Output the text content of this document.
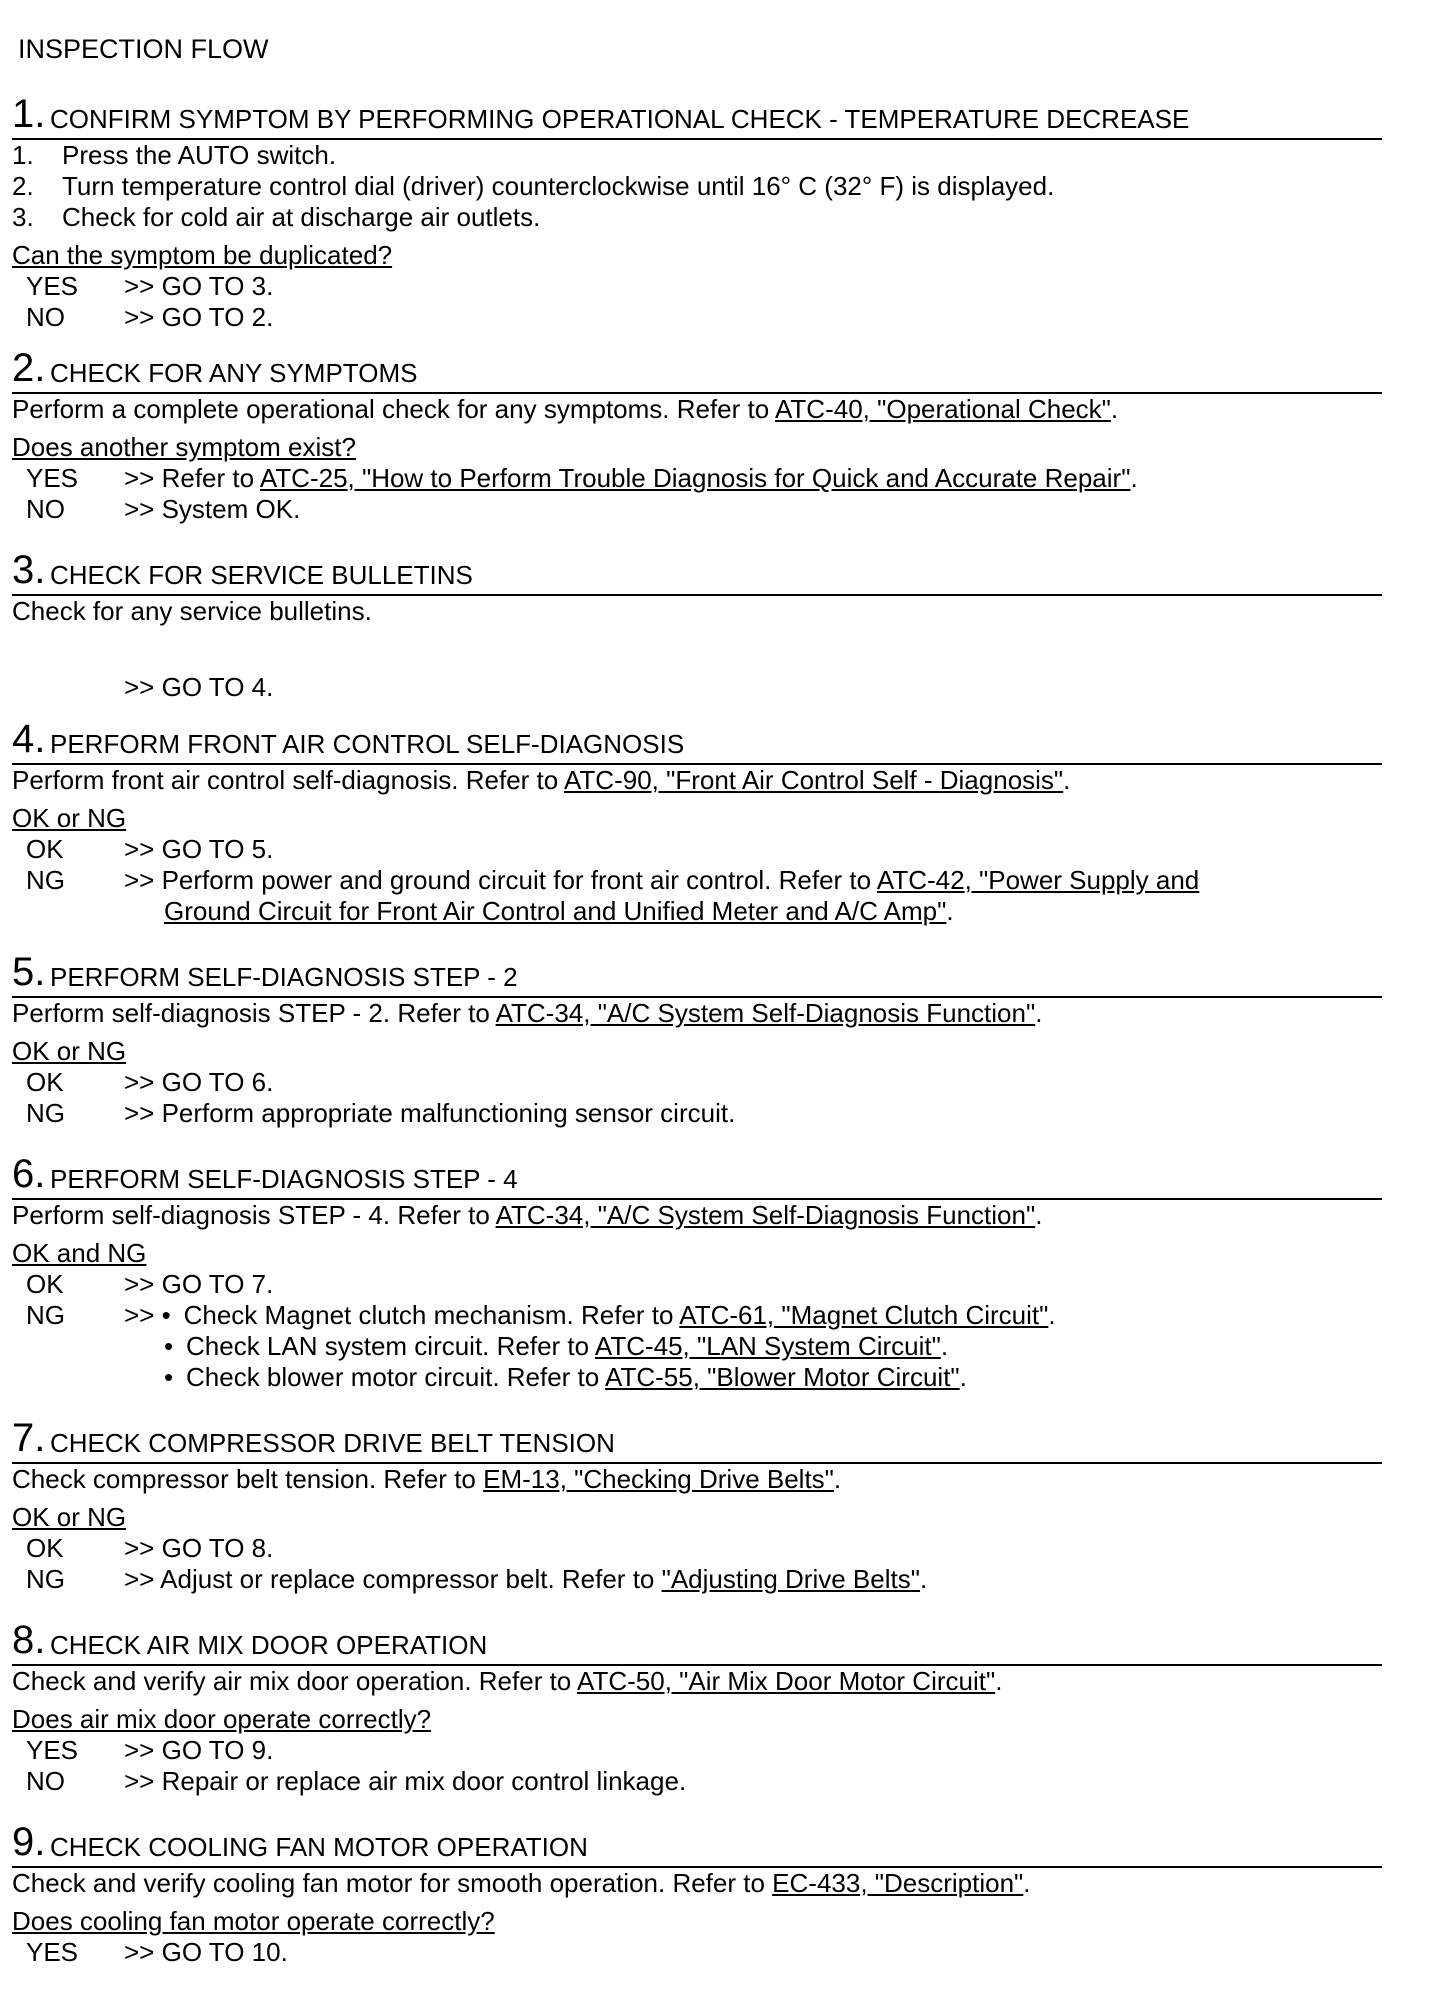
INSPECTION FLOW
1. CONFIRM SYMPTOM BY PERFORMING OPERATIONAL CHECK - TEMPERATURE DECREASE
1.	Press the AUTO switch.
2.	Turn temperature control dial (driver) counterclockwise until 16° C (32° F) is displayed.
3.	Check for cold air at discharge air outlets.

Can the symptom be duplicated?

YES	>> GO TO 3.
NO	>> GO TO 2.
2. CHECK FOR ANY SYMPTOMS

Perform a complete operational check for any symptoms. Refer to ATC-40, "Operational Check".

Does another symptom exist?

YES	>> Refer to ATC-25, "How to Perform Trouble Diagnosis for Quick and Accurate Repair".
NO	>> System OK.
3. CHECK FOR SERVICE BULLETINS

Check for any service bulletins.

>> GO TO 4.
4. PERFORM FRONT AIR CONTROL SELF-DIAGNOSIS

Perform front air control self-diagnosis. Refer to ATC-90, "Front Air Control Self - Diagnosis".

OK or NG

OK	>> GO TO 5.
NG	>> Perform power and ground circuit for front air control. Refer to ATC-42, "Power Supply and
Ground Circuit for Front Air Control and Unified Meter and A/C Amp".
5. PERFORM SELF-DIAGNOSIS STEP - 2

Perform self-diagnosis STEP - 2. Refer to ATC-34, "A/C System Self-Diagnosis Function".

OK or NG

OK	>> GO TO 6.
NG	>> Perform appropriate malfunctioning sensor circuit.
6. PERFORM SELF-DIAGNOSIS STEP - 4

Perform self-diagnosis STEP - 4. Refer to ATC-34, "A/C System Self-Diagnosis Function".

OK and NG

OK	>> GO TO 7.
NG	>> • Check Magnet clutch mechanism. Refer to ATC-61, "Magnet Clutch Circuit".
• Check LAN system circuit. Refer to ATC-45, "LAN System Circuit".
• Check blower motor circuit. Refer to ATC-55, "Blower Motor Circuit".
7. CHECK COMPRESSOR DRIVE BELT TENSION

Check compressor belt tension. Refer to EM-13, "Checking Drive Belts".

OK or NG

OK	>> GO TO 8.
NG	>> Adjust or replace compressor belt. Refer to "Adjusting Drive Belts".
8. CHECK AIR MIX DOOR OPERATION

Check and verify air mix door operation. Refer to ATC-50, "Air Mix Door Motor Circuit".

Does air mix door operate correctly?

YES	>> GO TO 9.
NO	>> Repair or replace air mix door control linkage.
9. CHECK COOLING FAN MOTOR OPERATION

Check and verify cooling fan motor for smooth operation. Refer to EC-433, "Description".

Does cooling fan motor operate correctly?

YES	>> GO TO 10.
